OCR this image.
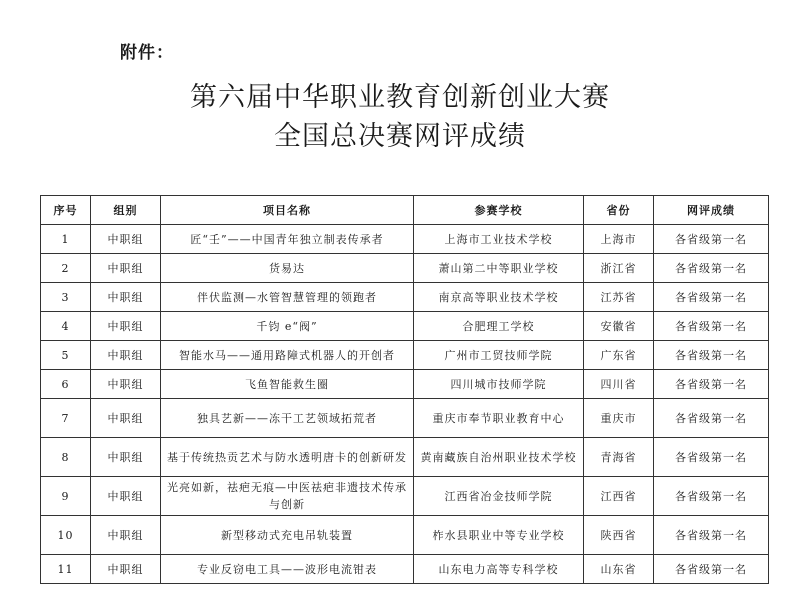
附件：
第六届中华职业教育创新创业大赛
全国总决赛网评成绩
序号	组别	项目名称	参赛学校	省份	网评成绩
1	中职组	匠“壬”——中国青年独立制表传承者	上海市工业技术学校	上海市	各省级第一名
2	中职组	货易达	萧山第二中等职业学校	浙江省	各省级第一名
3	中职组	伴伏监测—水管智慧管理的领跑者	南京高等职业技术学校	江苏省	各省级第一名
4	中职组	千钧 e“阀”	合肥理工学校	安徽省	各省级第一名
5	中职组	智能水马——通用路障式机器人的开创者	广州市工贸技师学院	广东省	各省级第一名
6	中职组	飞鱼智能救生圈	四川城市技师学院	四川省	各省级第一名
7	中职组	独具艺新——冻干工艺领域拓荒者	重庆市奉节职业教育中心	重庆市	各省级第一名
8	中职组	基于传统热贡艺术与防水透明唐卡的创新研发	黄南藏族自治州职业技术学校	青海省	各省级第一名
9	中职组	光亮如新，祛疤无痕—中医祛疤非遗技术传承与创新	江西省冶金技师学院	江西省	各省级第一名
10	中职组	新型移动式充电吊轨装置	柞水县职业中等专业学校	陕西省	各省级第一名
11	中职组	专业反窃电工具——波形电流钳表	山东电力高等专科学校	山东省	各省级第一名
